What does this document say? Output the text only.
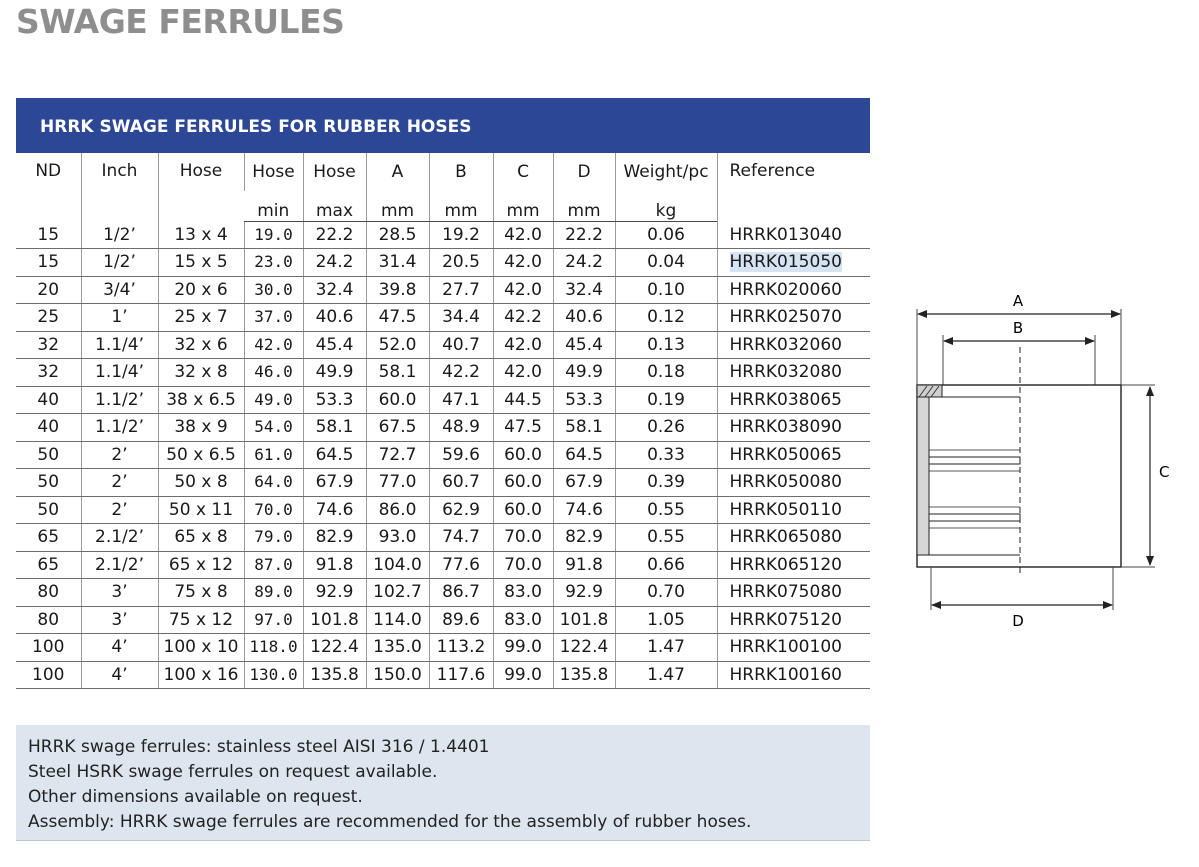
SWAGE FERRULES
HRRK SWAGE FERRULES FOR RUBBER HOSES
ND	Inch	Hose	Hose	Hose	A	B	C	D	Weight/pc	Reference
			min	max	mm	mm	mm	mm	kg	
15	1/2’	13 x 4	19.0	22.2	28.5	19.2	42.0	22.2	0.06	HRRK013040
15	1/2’	15 x 5	23.0	24.2	31.4	20.5	42.0	24.2	0.04	HRRK015050
20	3/4’	20 x 6	30.0	32.4	39.8	27.7	42.0	32.4	0.10	HRRK020060
25	1’	25 x 7	37.0	40.6	47.5	34.4	42.2	40.6	0.12	HRRK025070
32	1.1/4’	32 x 6	42.0	45.4	52.0	40.7	42.0	45.4	0.13	HRRK032060
32	1.1/4’	32 x 8	46.0	49.9	58.1	42.2	42.0	49.9	0.18	HRRK032080
40	1.1/2’	38 x 6.5	49.0	53.3	60.0	47.1	44.5	53.3	0.19	HRRK038065
40	1.1/2’	38 x 9	54.0	58.1	67.5	48.9	47.5	58.1	0.26	HRRK038090
50	2’	50 x 6.5	61.0	64.5	72.7	59.6	60.0	64.5	0.33	HRRK050065
50	2’	50 x 8	64.0	67.9	77.0	60.7	60.0	67.9	0.39	HRRK050080
50	2’	50 x 11	70.0	74.6	86.0	62.9	60.0	74.6	0.55	HRRK050110
65	2.1/2’	65 x 8	79.0	82.9	93.0	74.7	70.0	82.9	0.55	HRRK065080
65	2.1/2’	65 x 12	87.0	91.8	104.0	77.6	70.0	91.8	0.66	HRRK065120
80	3’	75 x 8	89.0	92.9	102.7	86.7	83.0	92.9	0.70	HRRK075080
80	3’	75 x 12	97.0	101.8	114.0	89.6	83.0	101.8	1.05	HRRK075120
100	4’	100 x 10	118.0	122.4	135.0	113.2	99.0	122.4	1.47	HRRK100100
100	4’	100 x 16	130.0	135.8	150.0	117.6	99.0	135.8	1.47	HRRK100160
A
B
C
D
HRRK swage ferrules: stainless steel AISI 316 / 1.4401
Steel HSRK swage ferrules on request available.
Other dimensions available on request.
Assembly: HRRK swage ferrules are recommended for the assembly of rubber hoses.
